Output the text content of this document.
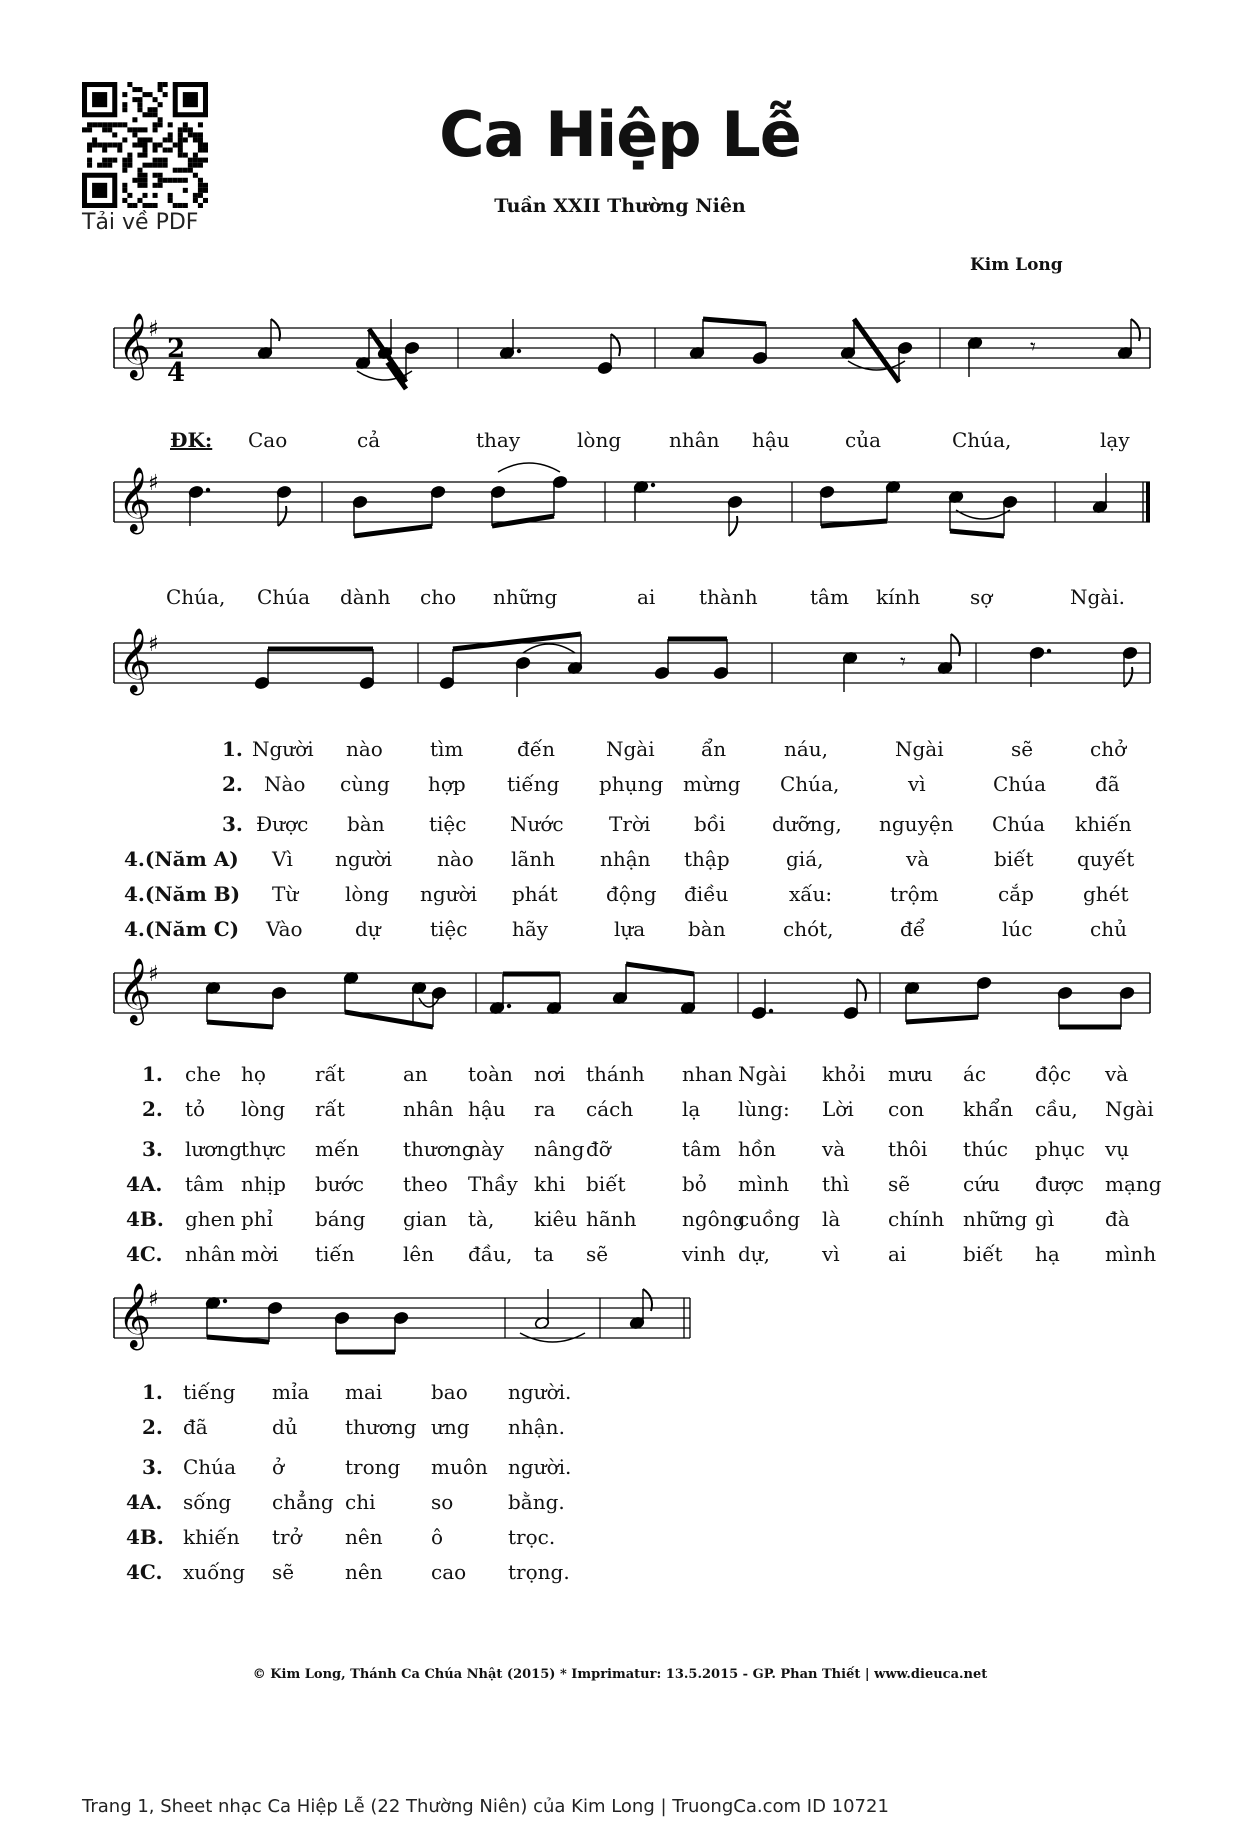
Tải về PDF
Ca Hiệp Lễ
Tuần XXII Thường Niên
Kim Long
2
4
𝄞
♯
𝄞
♯
𝄞
♯
𝄞
♯
𝄞
♯
𝄾
𝄾
ĐK: Cao	cả	thay	lòng nhân hậu	của	Chúa,	lạy
Chúa, Chúa dành cho những	ai thành	tâm kính sợ	Ngài.
1. Người nào tìm	đến	Ngài ẩn	náu,	Ngài	sẽ	chở
2. Nào cùng hợp tiếng phụng mừng Chúa,	vì	Chúa đã
3. Được bàn tiệc Nước Trời bồi dưỡng, nguyện Chúa khiến
4.(Năm A) Vì người nào lãnh nhận thập	giá,	và	biết quyết
4.(Năm B) Từ lòng người phát động điều	xấu:	trộm	cắp ghét
4.(Năm C) Vào	dự tiệc hãy	lựa bàn	chót,	để	lúc	chủ
1. che họ rất	an toàn nơi thánh nhan Ngài khỏi mưu ác độc và
2. tỏ lòng rất	nhân hậu ra cách lạ lùng: Lời con khẩn cầu, Ngài
3. lương
thực mến thương
này nâng đỡ	tâm hồn và thôi thúc phục vụ
4A. tâm nhịp bước theo Thầy khi biết	bỏ mình thì sẽ	cứu được mạng
4B. ghen phỉ báng gian tà, kiêu hãnh ngông
cuồng là chính những gì	đà
4C. nhân mời tiến lên đầu, ta sẽ	vinh dự,	vì ai	biết hạ mình
1. tiếng mỉa mai bao người.
2. đã	dủ thương ưng nhận.
3. Chúa ở	trong muôn người.
4A. sống chẳng chi	so	bằng.
4B. khiến trở nên ô	trọc.
4C. xuống sẽ	nên cao trọng.
© Kim Long, Thánh Ca Chúa Nhật (2015) * Imprimatur: 13.5.2015 - GP. Phan Thiết | www.dieuca.net
Trang 1, Sheet nhạc Ca Hiệp Lễ (22 Thường Niên) của Kim Long | TruongCa.com ID 10721
